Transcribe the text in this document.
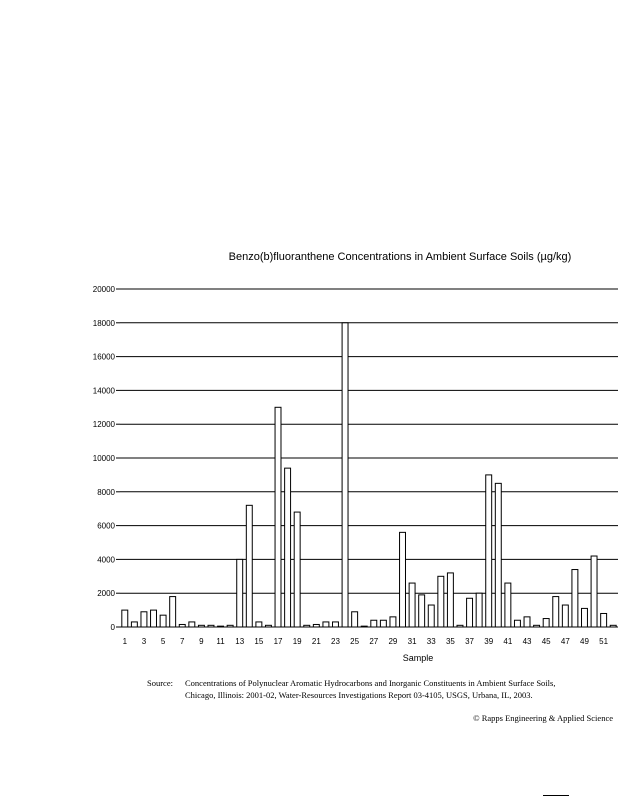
Benzo(b)fluoranthene Concentrations in Ambient Surface Soils (µg/kg)
0
2000
4000
6000
8000
10000
12000
14000
16000
18000
20000
1 3 5 7 9 11 13 15 17 19 21 23 25 27 29 31 33 35 37 39 41 43 45 47 49 51
Sample
Source: Concentrations of Polynuclear Aromatic Hydrocarbons and Inorganic Constituents in Ambient Surface Soils,
Chicago, Illinois: 2001-02, Water-Resources Investigations Report 03-4105, USGS, Urbana, IL, 2003.
© Rapps Engineering & Applied Science
